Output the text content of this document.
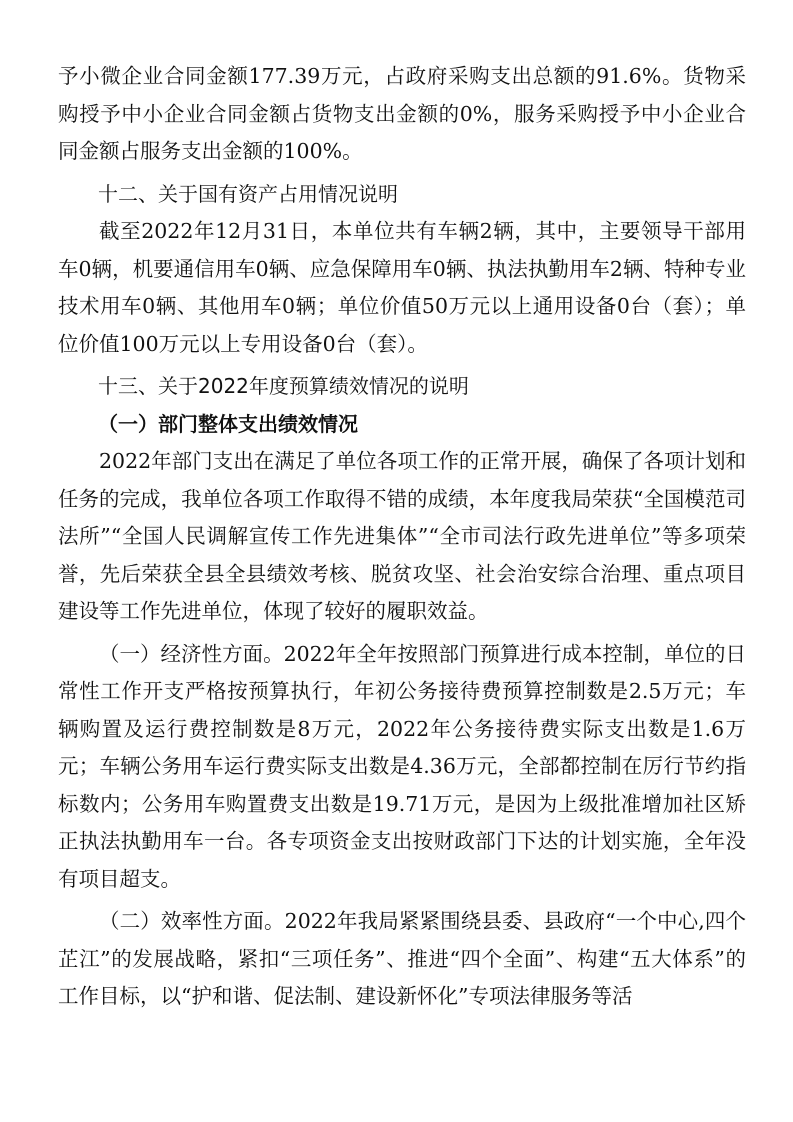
予小微企业合同金额177.39万元，占政府采购支出总额的91.6%。货物采购授予中小企业合同金额占货物支出金额的0%，服务采购授予中小企业合同金额占服务支出金额的100%。

十二、关于国有资产占用情况说明

截至2022年12月31日，本单位共有车辆2辆，其中，主要领导干部用车0辆，机要通信用车0辆、应急保障用车0辆、执法执勤用车2辆、特种专业技术用车0辆、其他用车0辆；单位价值50万元以上通用设备0台（套）；单位价值100万元以上专用设备0台（套）。

十三、关于2022年度预算绩效情况的说明

（一）部门整体支出绩效情况

2022年部门支出在满足了单位各项工作的正常开展，确保了各项计划和任务的完成，我单位各项工作取得不错的成绩，本年度我局荣获“全国模范司法所”“全国人民调解宣传工作先进集体”“全市司法行政先进单位”等多项荣誉，先后荣获全县全县绩效考核、脱贫攻坚、社会治安综合治理、重点项目建设等工作先进单位，体现了较好的履职效益。

（一）经济性方面。2022年全年按照部门预算进行成本控制，单位的日常性工作开支严格按预算执行，年初公务接待费预算控制数是2.5万元；车辆购置及运行费控制数是8万元，2022年公务接待费实际支出数是1.6万元；车辆公务用车运行费实际支出数是4.36万元，全部都控制在厉行节约指标数内；公务用车购置费支出数是19.71万元，是因为上级批准增加社区矫正执法执勤用车一台。各专项资金支出按财政部门下达的计划实施，全年没有项目超支。

（二）效率性方面。2022年我局紧紧围绕县委、县政府“一个中心,四个芷江”的发展战略，紧扣“三项任务”、推进“四个全面”、构建“五大体系”的工作目标，以“护和谐、促法制、建设新怀化”专项法律服务等活
